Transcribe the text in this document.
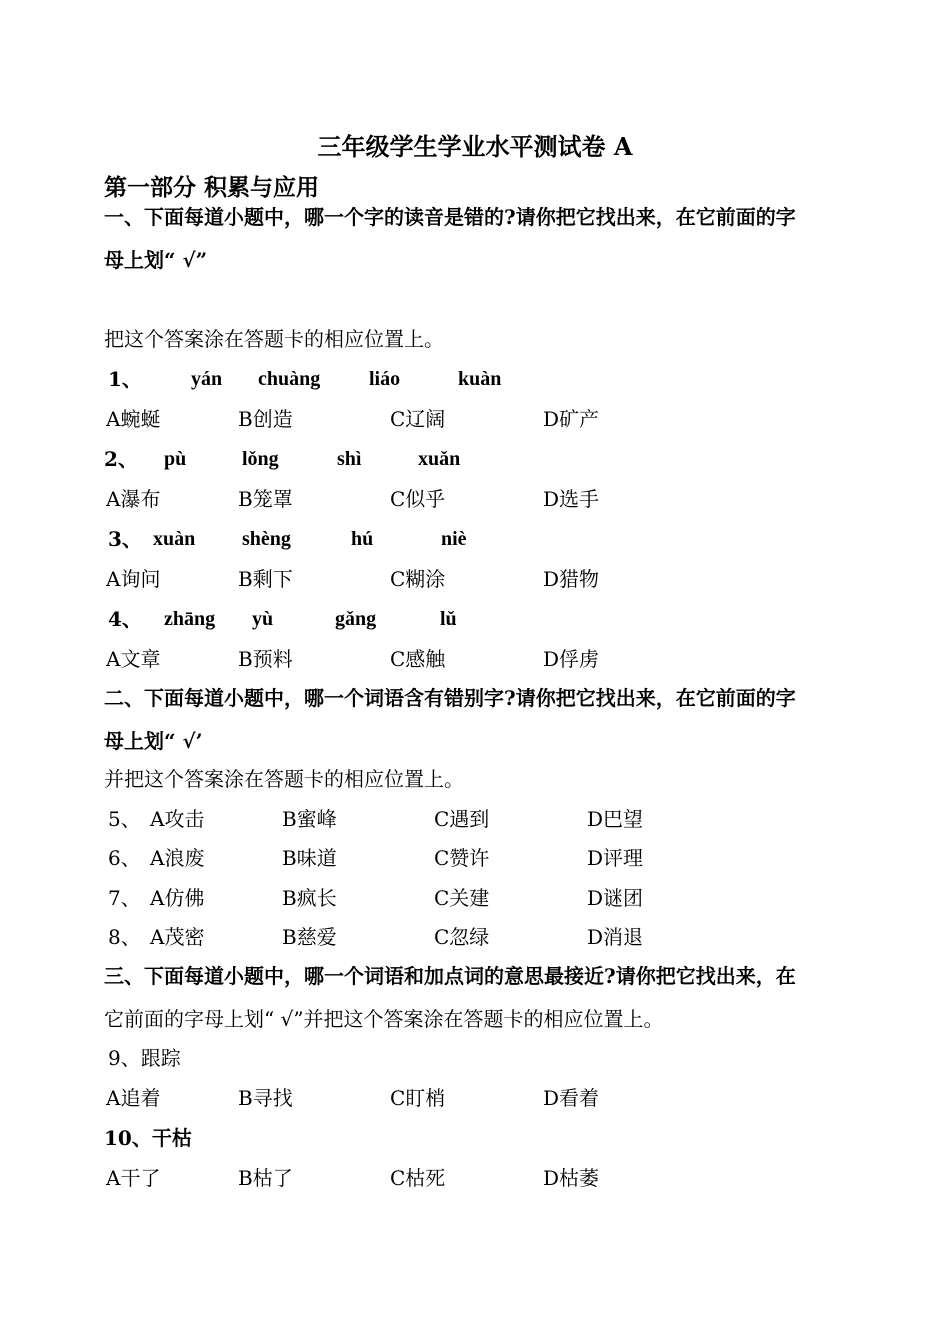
三年级学生学业水平测试卷 A
第一部分 积累与应用
一、下面每道小题中，哪一个字的读音是错的?请你把它找出来，在它前面的字
母上划“ √”
把这个答案涂在答题卡的相应位置上。
1、 yán chuàng liáo	kuàn
A蜿蜒	B创造	C辽阔	D矿产
2、 pù	lǒng	shì	xuǎn
A瀑布	B笼罩	C似乎	D选手
3、 xuàn shèng	hú	niè
A询问	B剩下	C糊涂	D猎物
4、 zhāng yù	gǎng	lǔ
A文章	B预料	C感触	D俘虏
二、下面每道小题中，哪一个词语含有错别字?请你把它找出来，在它前面的字
母上划“ √’
并把这个答案涂在答题卡的相应位置上。
5、 A攻击	B蜜峰	C遇到	D巴望
6、 A浪废	B味道	C赞许	D评理
7、 A仿佛	B疯长	C关建	D谜团
8、 A茂密	B慈爱	C忽绿	D消退
三、下面每道小题中，哪一个词语和加点词的意思最接近?请你把它找出来，在
它前面的字母上划“ √”并把这个答案涂在答题卡的相应位置上。
9、跟踪
A追着	B寻找	C盯梢	D看着
10、干枯
A干了	B枯了	C枯死	D枯萎
